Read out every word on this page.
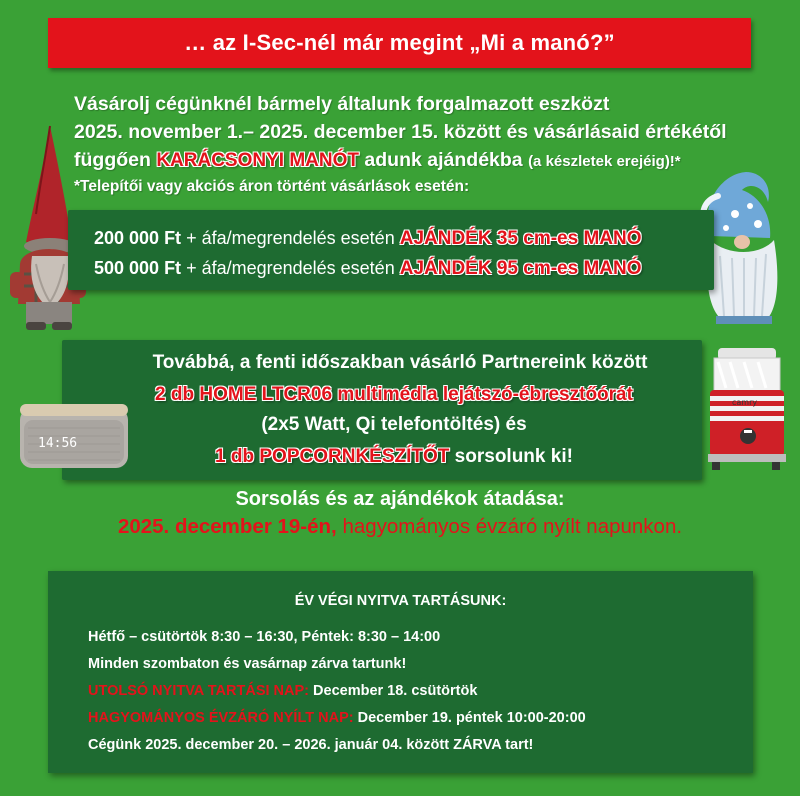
… az I-Sec-nél már megint „Mi a manó?”
Vásárolj cégünknél bármely általunk forgalmazott eszközt
2025. november 1.– 2025. december 15. között és vásárlásaid értékétől
függően KARÁCSONYI MANÓT adunk ajándékba (a készletek erejéig)!*
*Telepítői vagy akciós áron történt vásárlások esetén:
200 000 Ft + áfa/megrendelés esetén AJÁNDÉK 35 cm-es MANÓ
500 000 Ft + áfa/megrendelés esetén AJÁNDÉK 95 cm-es MANÓ
Továbbá, a fenti időszakban vásárló Partnereink között
2 db HOME LTCR06 multimédia lejátszó-ébresztőórát
(2x5 Watt, Qi telefontöltés) és
1 db POPCORNKÉSZÍTŐT sorsolunk ki!
14:56
camry
Sorsolás és az ajándékok átadása:
2025. december 19-én, hagyományos évzáró nyílt napunkon.
ÉV VÉGI NYITVA TARTÁSUNK:
Hétfő – csütörtök 8:30 – 16:30, Péntek: 8:30 – 14:00
Minden szombaton és vasárnap zárva tartunk!
UTOLSÓ NYITVA TARTÁSI NAP: December 18. csütörtök
HAGYOMÁNYOS ÉVZÁRÓ NYÍLT NAP: December 19. péntek 10:00-20:00
Cégünk 2025. december 20. – 2026. január 04. között ZÁRVA tart!
